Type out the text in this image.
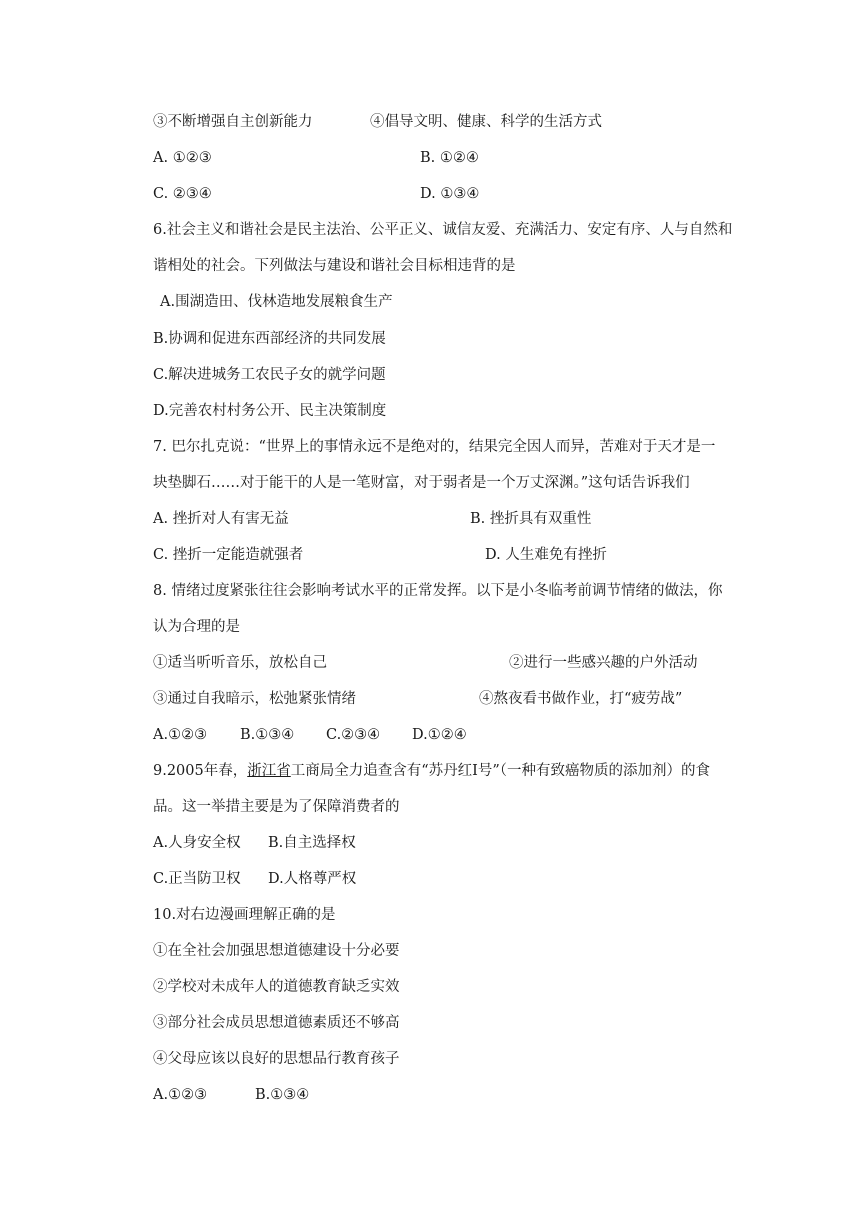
③不断增强自主创新能力	④倡导文明、健康、科学的生活方式
A. ①②③	B. ①②④
C. ②③④	D. ①③④
6.社会主义和谐社会是民主法治、公平正义、诚信友爱、充满活力、安定有序、人与自然和
谐相处的社会。下列做法与建设和谐社会目标相违背的是
A.围湖造田、伐林造地发展粮食生产
B.协调和促进东西部经济的共同发展
C.解决进城务工农民子女的就学问题
D.完善农村村务公开、民主决策制度
7. 巴尔扎克说：“世界上的事情永远不是绝对的，结果完全因人而异，苦难对于天才是一
块垫脚石……对于能干的人是一笔财富，对于弱者是一个万丈深渊。”这句话告诉我们
A. 挫折对人有害无益	B. 挫折具有双重性
C. 挫折一定能造就强者	D. 人生难免有挫折
8. 情绪过度紧张往往会影响考试水平的正常发挥。以下是小冬临考前调节情绪的做法，你
认为合理的是
①适当听听音乐，放松自己	②进行一些感兴趣的户外活动
③通过自我暗示，松弛紧张情绪	④熬夜看书做作业，打“疲劳战”
A.①②③ B.①③④ C.②③④ D.①②④
9.2005年春，浙江省工商局全力追查含有“苏丹红Ⅰ号”（一种有致癌物质的添加剂）的食
品。这一举措主要是为了保障消费者的
A.人身安全权 B.自主选择权
C.正当防卫权 D.人格尊严权
10.对右边漫画理解正确的是
①在全社会加强思想道德建设十分必要
②学校对未成年人的道德教育缺乏实效
③部分社会成员思想道德素质还不够高
④父母应该以良好的思想品行教育孩子
A.①②③	B.①③④
